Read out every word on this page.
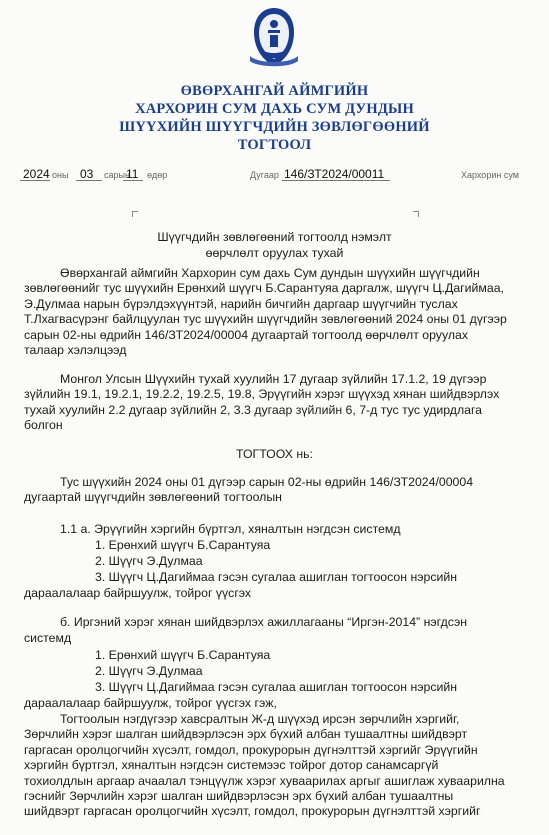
ӨВӨРХАНГАЙ АЙМГИЙН
ХАРХОРИН СУМ ДАХЬ СУМ ДУНДЫН
ШҮҮХИЙН ШҮҮГЧДИЙН ЗӨВЛӨГӨӨНИЙ
ТОГТООЛ
2024 оны 03 сарын
11 өдөр	Дугаар 146/ЗТ2024/00011	Хархорин сум
Шүүгчдийн зөвлөгөөний тогтоолд нэмэлт
өөрчлөлт оруулах тухай
Өвөрхангай аймгийн Хархорин сум дахь Сум дундын шүүхийн шүүгчдийн
зөвлөгөөнийг тус шүүхийн Ерөнхий шүүгч Б.Сарантуяа даргалж, шүүгч Ц.Дагиймаа,
Э.Дулмаа нарын бүрэлдэхүүнтэй, нарийн бичгийн даргаар шүүгчийн туслах
Т.Лхагвасүрэнг байлцуулан тус шүүхийн шүүгчдийн зөвлөгөөний 2024 оны 01 дүгээр
сарын 02-ны өдрийн 146/ЗТ2024/00004 дугаартай тогтоолд өөрчлөлт оруулах
талаар хэлэлцээд
Монгол Улсын Шүүхийн тухай хуулийн 17 дугаар зүйлийн 17.1.2, 19 дүгээр
зүйлийн 19.1, 19.2.1, 19.2.2, 19.2.5, 19.8, Эрүүгийн хэрэг шүүхэд хянан шийдвэрлэх
тухай хуулийн 2.2 дугаар зүйлийн 2, 3.3 дугаар зүйлийн 6, 7-д тус тус удирдлага
болгон
ТОГТООХ нь:
Тус шүүхийн 2024 оны 01 дүгээр сарын 02-ны өдрийн 146/ЗТ2024/00004
дугаартай шүүгчдийн зөвлөгөөний тогтоолын
1.1 а. Эрүүгийн хэргийн бүртгэл, хяналтын нэгдсэн системд
1. Ерөнхий шүүгч Б.Сарантуяа
2. Шүүгч Э.Дулмаа
3. Шүүгч Ц.Дагиймаа гэсэн сугалаа ашиглан тогтоосон нэрсийн
дараалалаар байршуулж, тойрог үүсгэх
б. Иргэний хэрэг хянан шийдвэрлэх ажиллагааны “Иргэн-2014” нэгдсэн
системд
1. Ерөнхий шүүгч Б.Сарантуяа
2. Шүүгч Э.Дулмаа
3. Шүүгч Ц.Дагиймаа гэсэн сугалаа ашиглан тогтоосон нэрсийн
дараалалаар байршуулж, тойрог үүсгэх гэж,
Тогтоолын нэгдүгээр хавсралтын Ж-д шүүхэд ирсэн зөрчлийн хэргийг,
Зөрчлийн хэрэг шалган шийдвэрлэсэн эрх бүхий албан тушаалтны шийдвэрт
гаргасан оролцогчийн хүсэлт, гомдол, прокурорын дүгнэлттэй хэргийг Эрүүгийн
хэргийн бүртгэл, хяналтын нэгдсэн системээс тойрог дотор санамсаргүй
тохиолдлын аргаар ачаалал тэнцүүлж хэрэг хуваарилах аргыг ашиглаж хуваарилна
гэснийг Зөрчлийн хэрэг шалган шийдвэрлэсэн эрх бүхий албан тушаалтны
шийдвэрт гаргасан оролцогчийн хүсэлт, гомдол, прокурорын дүгнэлттэй хэргийг
